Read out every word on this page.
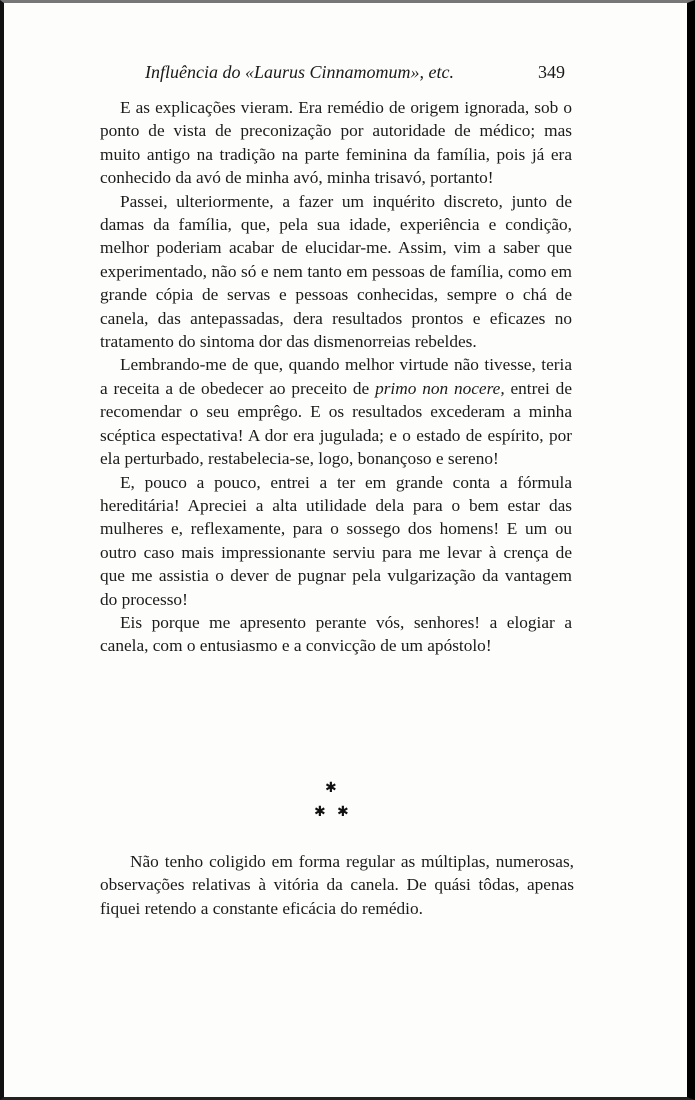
Influência do «Laurus Cinnamomum», etc.	349

E as explicações vieram. Era remédio de origem ignorada, sob o ponto de vista de preconização por autoridade de médico; mas muito antigo na tradição na parte feminina da família, pois já era conhecido da avó de minha avó, minha trisavó, portanto!

Passei, ulteriormente, a fazer um inquérito discreto, junto de damas da família, que, pela sua idade, experiência e condição, melhor poderiam acabar de elucidar-me. Assim, vim a saber que experimentado, não só e nem tanto em pessoas de família, como em grande cópia de servas e pessoas conhecidas, sempre o chá de canela, das antepassadas, dera resultados prontos e eficazes no tratamento do sintoma dor das dismenorreias rebeldes.

Lembrando-me de que, quando melhor virtude não tivesse, teria a receita a de obedecer ao preceito de primo non nocere, entrei de recomendar o seu emprêgo. E os resultados excederam a minha scéptica espectativa! A dor era jugulada; e o estado de espírito, por ela perturbado, restabelecia-se, logo, bonançoso e sereno!

E, pouco a pouco, entrei a ter em grande conta a fórmula hereditária! Apreciei a alta utilidade dela para o bem estar das mulheres e, reflexamente, para o sossego dos homens! E um ou outro caso mais impressionante serviu para me levar à crença de que me assistia o dever de pugnar pela vulgarização da vantagem do processo!

Eis porque me apresento perante vós, senhores! a elogiar a canela, com o entusiasmo e a convicção de um apóstolo!

✱
✱ ✱

Não tenho coligido em forma regular as múltiplas, numerosas, observações relativas à vitória da canela. De quási tôdas, apenas fiquei retendo a constante eficácia do remédio.
